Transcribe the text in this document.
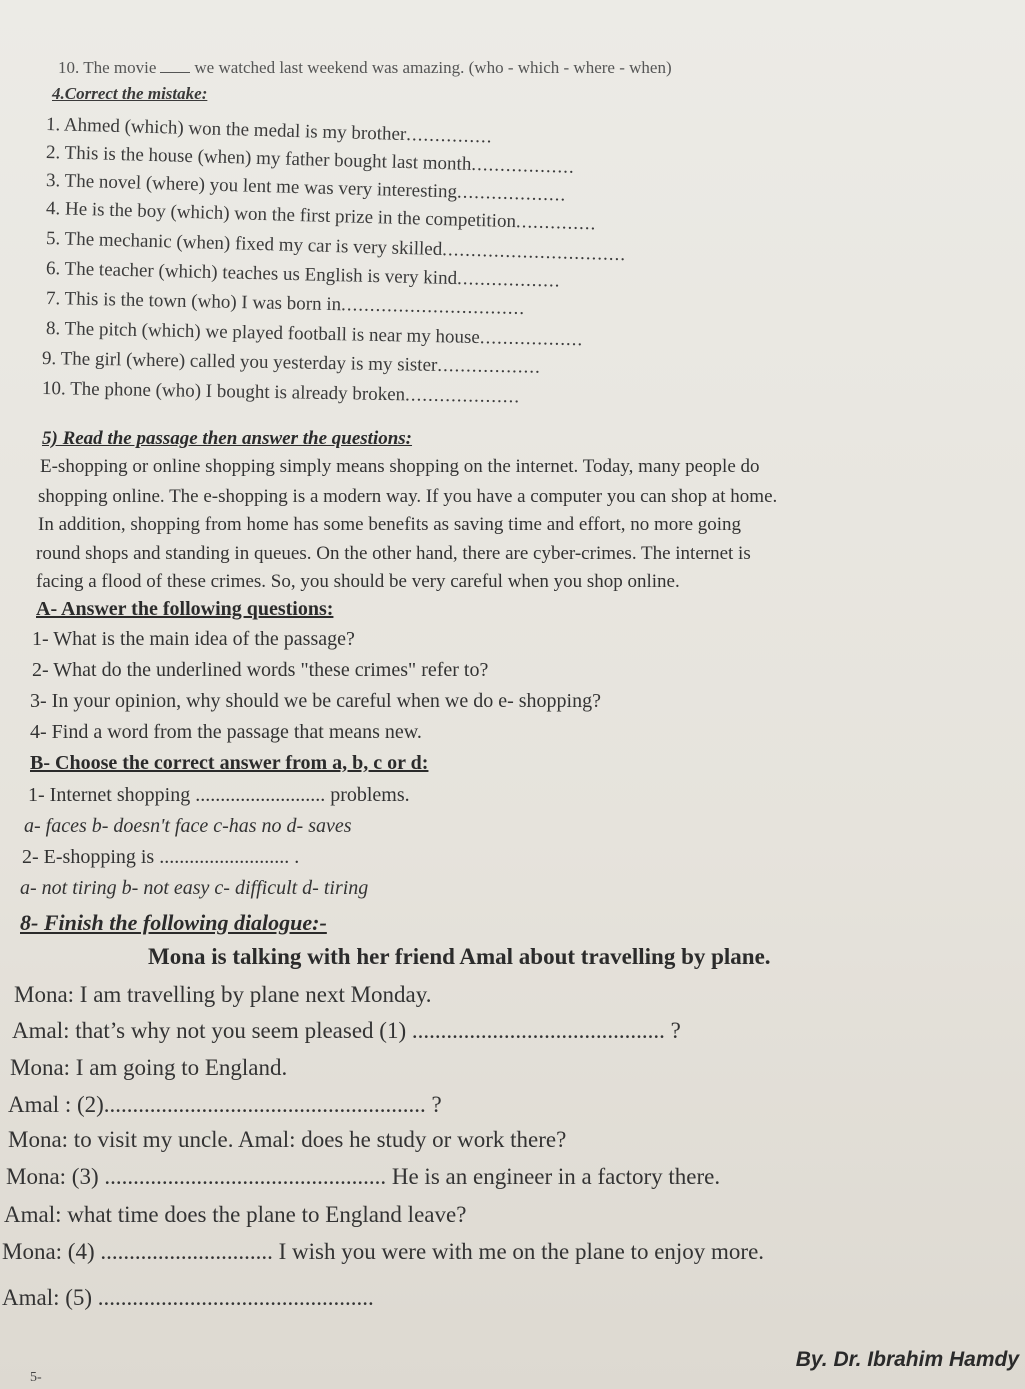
10. The movie we watched last weekend was amazing. (who - which - where - when)
4.Correct the mistake:
1. Ahmed (which) won the medal is my brother...............
2. This is the house (when) my father bought last month..................
3. The novel (where) you lent me was very interesting...................
4. He is the boy (which) won the first prize in the competition..............
5. The mechanic (when) fixed my car is very skilled................................
6. The teacher (which) teaches us English is very kind..................
7. This is the town (who) I was born in................................
8. The pitch (which) we played football is near my house..................
9. The girl (where) called you yesterday is my sister..................
10. The phone (who) I bought is already broken....................
5) Read the passage then answer the questions:
E-shopping or online shopping simply means shopping on the internet. Today, many people do
shopping online. The e-shopping is a modern way. If you have a computer you can shop at home.
In addition, shopping from home has some benefits as saving time and effort, no more going
round shops and standing in queues. On the other hand, there are cyber-crimes. The internet is
facing a flood of these crimes. So, you should be very careful when you shop online.
A- Answer the following questions:
1- What is the main idea of the passage?
2- What do the underlined words "these crimes" refer to?
3- In your opinion, why should we be careful when we do e- shopping?
4- Find a word from the passage that means new.
B- Choose the correct answer from a, b, c or d:
1- Internet shopping .......................... problems.
a- faces b- doesn't face c-has no d- saves
2- E-shopping is .......................... .
a- not tiring b- not easy c- difficult d- tiring
8- Finish the following dialogue:-
Mona is talking with her friend Amal about travelling by plane.
Mona: I am travelling by plane next Monday.
Amal: that’s why not you seem pleased (1) ............................................ ?
Mona: I am going to England.
Amal : (2)........................................................ ?
Mona: to visit my uncle. Amal: does he study or work there?
Mona: (3) ................................................. He is an engineer in a factory there.
Amal: what time does the plane to England leave?
Mona: (4) .............................. I wish you were with me on the plane to enjoy more.
Amal: (5) ................................................
By. Dr. Ibrahim Hamdy
5-
